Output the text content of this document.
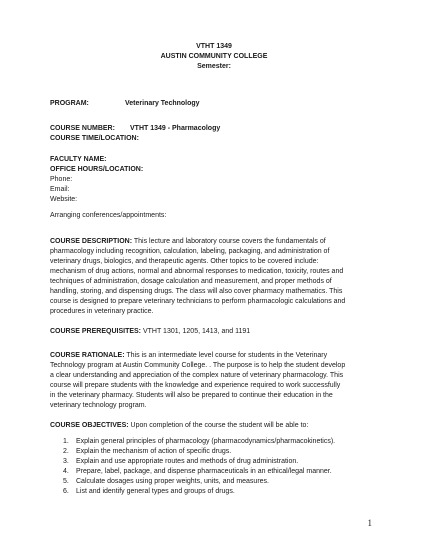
VTHT 1349
AUSTIN COMMUNITY COLLEGE
Semester:
PROGRAM:	Veterinary Technology
COURSE NUMBER: VTHT 1349 - Pharmacology
COURSE TIME/LOCATION:
FACULTY NAME:
OFFICE HOURS/LOCATION:
Phone:
Email:
Website:
Arranging conferences/appointments:
COURSE DESCRIPTION: This lecture and laboratory course covers the fundamentals of
pharmacology including recognition, calculation, labeling, packaging, and administration of
veterinary drugs, biologics, and therapeutic agents. Other topics to be covered include:
mechanism of drug actions, normal and abnormal responses to medication, toxicity, routes and
techniques of administration, dosage calculation and measurement, and proper methods of
handling, storing, and dispensing drugs. The class will also cover pharmacy mathematics. This
course is designed to prepare veterinary technicians to perform pharmacologic calculations and
procedures in veterinary practice.
COURSE PREREQUISITES: VTHT 1301, 1205, 1413, and 1191
COURSE RATIONALE: This is an intermediate level course for students in the Veterinary
Technology program at Austin Community College. . The purpose is to help the student develop
a clear understanding and appreciation of the complex nature of veterinary pharmacology. This
course will prepare students with the knowledge and experience required to work successfully
in the veterinary pharmacy. Students will also be prepared to continue their education in the
veterinary technology program.
COURSE OBJECTIVES: Upon completion of the course the student will be able to:
1. Explain general principles of pharmacology (pharmacodynamics/pharmacokinetics).
2. Explain the mechanism of action of specific drugs.
3. Explain and use appropriate routes and methods of drug administration.
4. Prepare, label, package, and dispense pharmaceuticals in an ethical/legal manner.
5. Calculate dosages using proper weights, units, and measures.
6. List and identify general types and groups of drugs.
1
